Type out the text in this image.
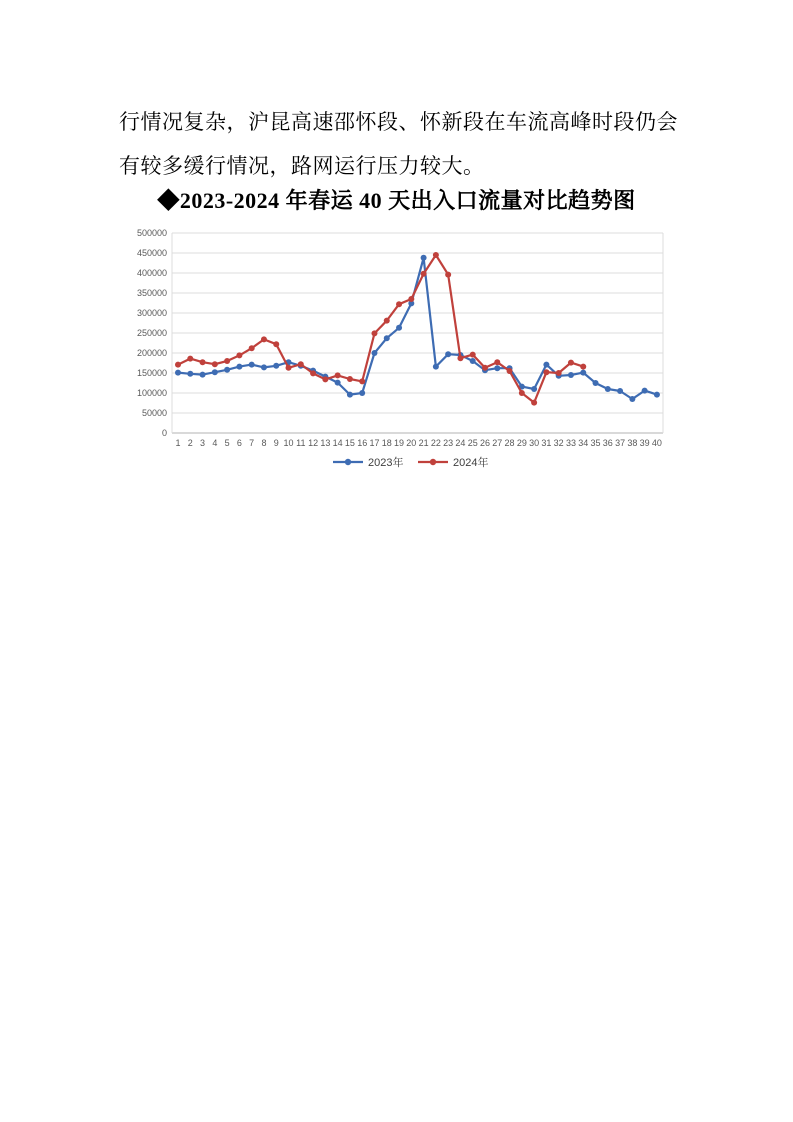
行情况复杂，沪昆高速邵怀段、怀新段在车流高峰时段仍会
有较多缓行情况，路网运行压力较大。
◆2023-2024 年春运 40 天出入口流量对比趋势图
2023年	2024年
0
50000
100000
150000
200000
250000
300000
350000
400000
450000
500000
1 2 3 4 5 6 7 8 9 10 11 12 13 14 15 16 17 18 19 20 21 22 23 24 25 26 27 28 29 30 31 32 33 34 35 36 37 38 39 40
